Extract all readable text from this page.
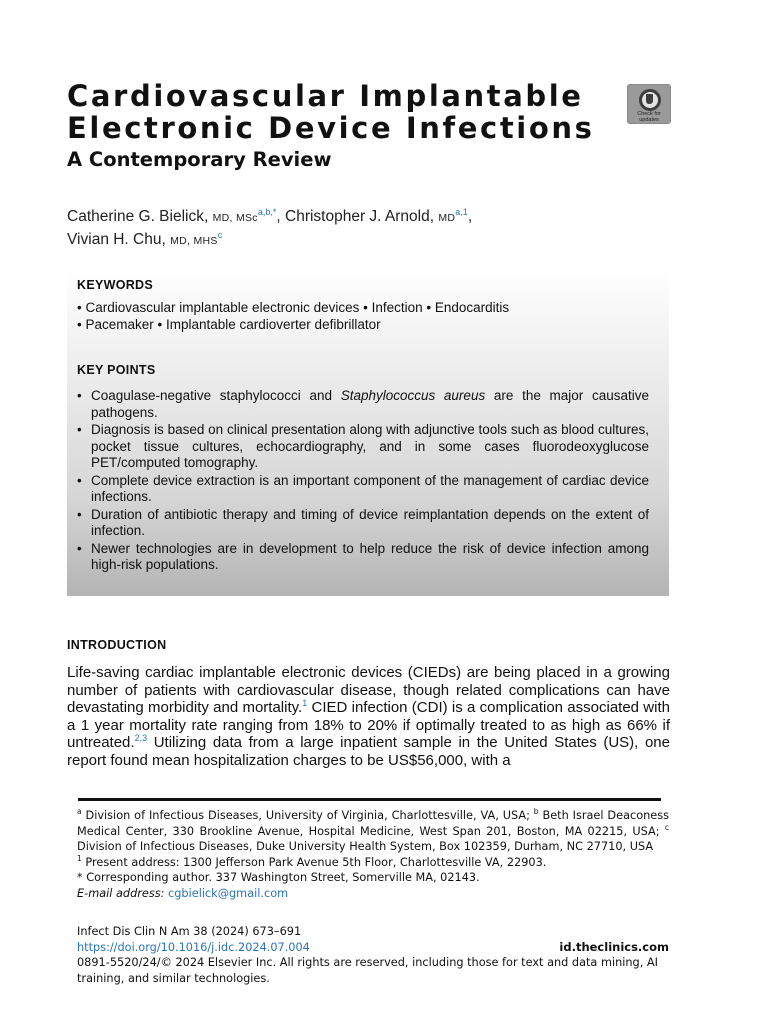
Cardiovascular Implantable
Electronic Device Infections
A Contemporary Review
Check for
updates
Catherine G. Bielick, MD, MSc$^{a,b,*}$, Christopher J. Arnold, MD$^{a,1}$,
Vivian H. Chu, MD, MHS$^c$
KEYWORDS
• Cardiovascular implantable electronic devices • Infection • Endocarditis
• Pacemaker • Implantable cardioverter defibrillator
KEY POINTS
• Coagulase-negative staphylococci and Staphylococcus aureus are the major causative pathogens.
• Diagnosis is based on clinical presentation along with adjunctive tools such as blood cultures, pocket tissue cultures, echocardiography, and in some cases fluorodeoxyglucose PET/computed tomography.
• Complete device extraction is an important component of the management of cardiac device infections.
• Duration of antibiotic therapy and timing of device reimplantation depends on the extent of infection.
• Newer technologies are in development to help reduce the risk of device infection among high-risk populations.
INTRODUCTION
Life-saving cardiac implantable electronic devices (CIEDs) are being placed in a growing number of patients with cardiovascular disease, though related complications can have devastating morbidity and mortality.$^1$ CIED infection (CDI) is a complication associated with a 1 year mortality rate ranging from 18% to 20% if optimally treated to as high as 66% if untreated.$^{2,3}$ Utilizing data from a large inpatient sample in the United States (US), one report found mean hospitalization charges to be US$56,000, with a
$^a$ Division of Infectious Diseases, University of Virginia, Charlottesville, VA, USA; $^b$ Beth Israel Deaconess Medical Center, 330 Brookline Avenue, Hospital Medicine, West Span 201, Boston, MA 02215, USA; $^c$ Division of Infectious Diseases, Duke University Health System, Box 102359, Durham, NC 27710, USA
$^1$ Present address: 1300 Jefferson Park Avenue 5th Floor, Charlottesville VA, 22903.
* Corresponding author. 337 Washington Street, Somerville MA, 02143.
E-mail address: cgbielick@gmail.com
Infect Dis Clin N Am 38 (2024) 673–691
https://doi.org/10.1016/j.idc.2024.07.004	id.theclinics.com
0891-5520/24/© 2024 Elsevier Inc. All rights are reserved, including those for text and data mining, AI training, and similar technologies.
